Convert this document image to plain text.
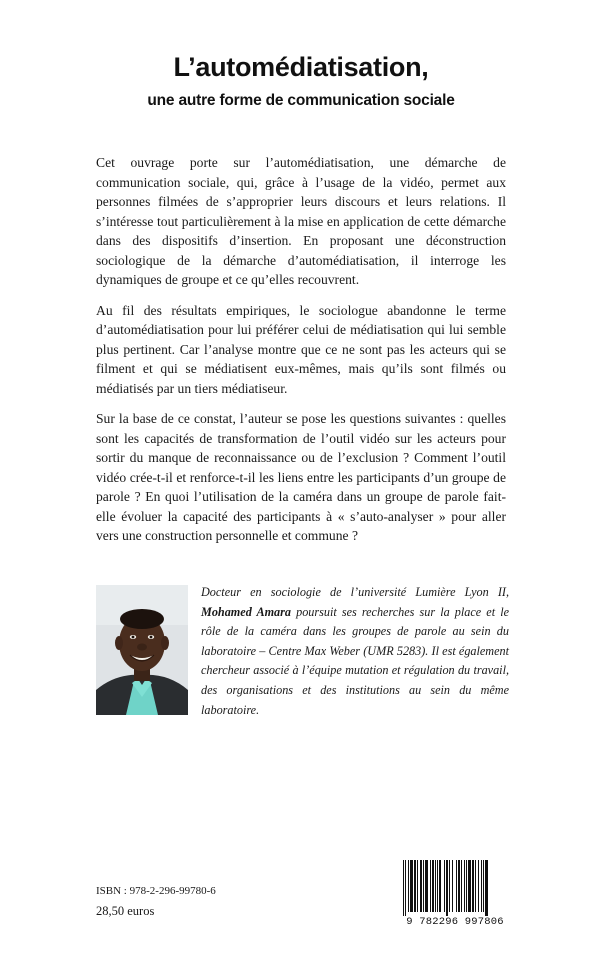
L’automédiatisation,
une autre forme de communication sociale

Cet ouvrage porte sur l’automédiatisation, une démarche de communication sociale, qui, grâce à l’usage de la vidéo, permet aux personnes filmées de s’approprier leurs discours et leurs relations. Il s’intéresse tout particulièrement à la mise en application de cette démarche dans des dispositifs d’insertion. En proposant une déconstruction sociologique de la démarche d’automédiatisation, il interroge les dynamiques de groupe et ce qu’elles recouvrent.

Au fil des résultats empiriques, le sociologue abandonne le terme d’automédiatisation pour lui préférer celui de médiatisation qui lui semble plus pertinent. Car l’analyse montre que ce ne sont pas les acteurs qui se filment et qui se médiatisent eux-mêmes, mais qu’ils sont filmés ou médiatisés par un tiers médiatiseur.

Sur la base de ce constat, l’auteur se pose les questions suivantes : quelles sont les capacités de transformation de l’outil vidéo sur les acteurs pour sortir du manque de reconnaissance ou de l’exclusion ? Comment l’outil vidéo crée-t-il et renforce-t-il les liens entre les participants d’un groupe de parole ? En quoi l’utilisation de la caméra dans un groupe de parole fait-elle évoluer la capacité des participants à « s’auto-analyser » pour aller vers une construction personnelle et commune ?

Docteur en sociologie de l’université Lumière Lyon II, Mohamed Amara poursuit ses recherches sur la place et le rôle de la caméra dans les groupes de parole au sein du laboratoire – Centre Max Weber (UMR 5283). Il est également chercheur associé à l’équipe mutation et régulation du travail, des organisations et des institutions au sein du même laboratoire.
ISBN : 978-2-296-99780-6
28,50 euros
9 782296 997806
